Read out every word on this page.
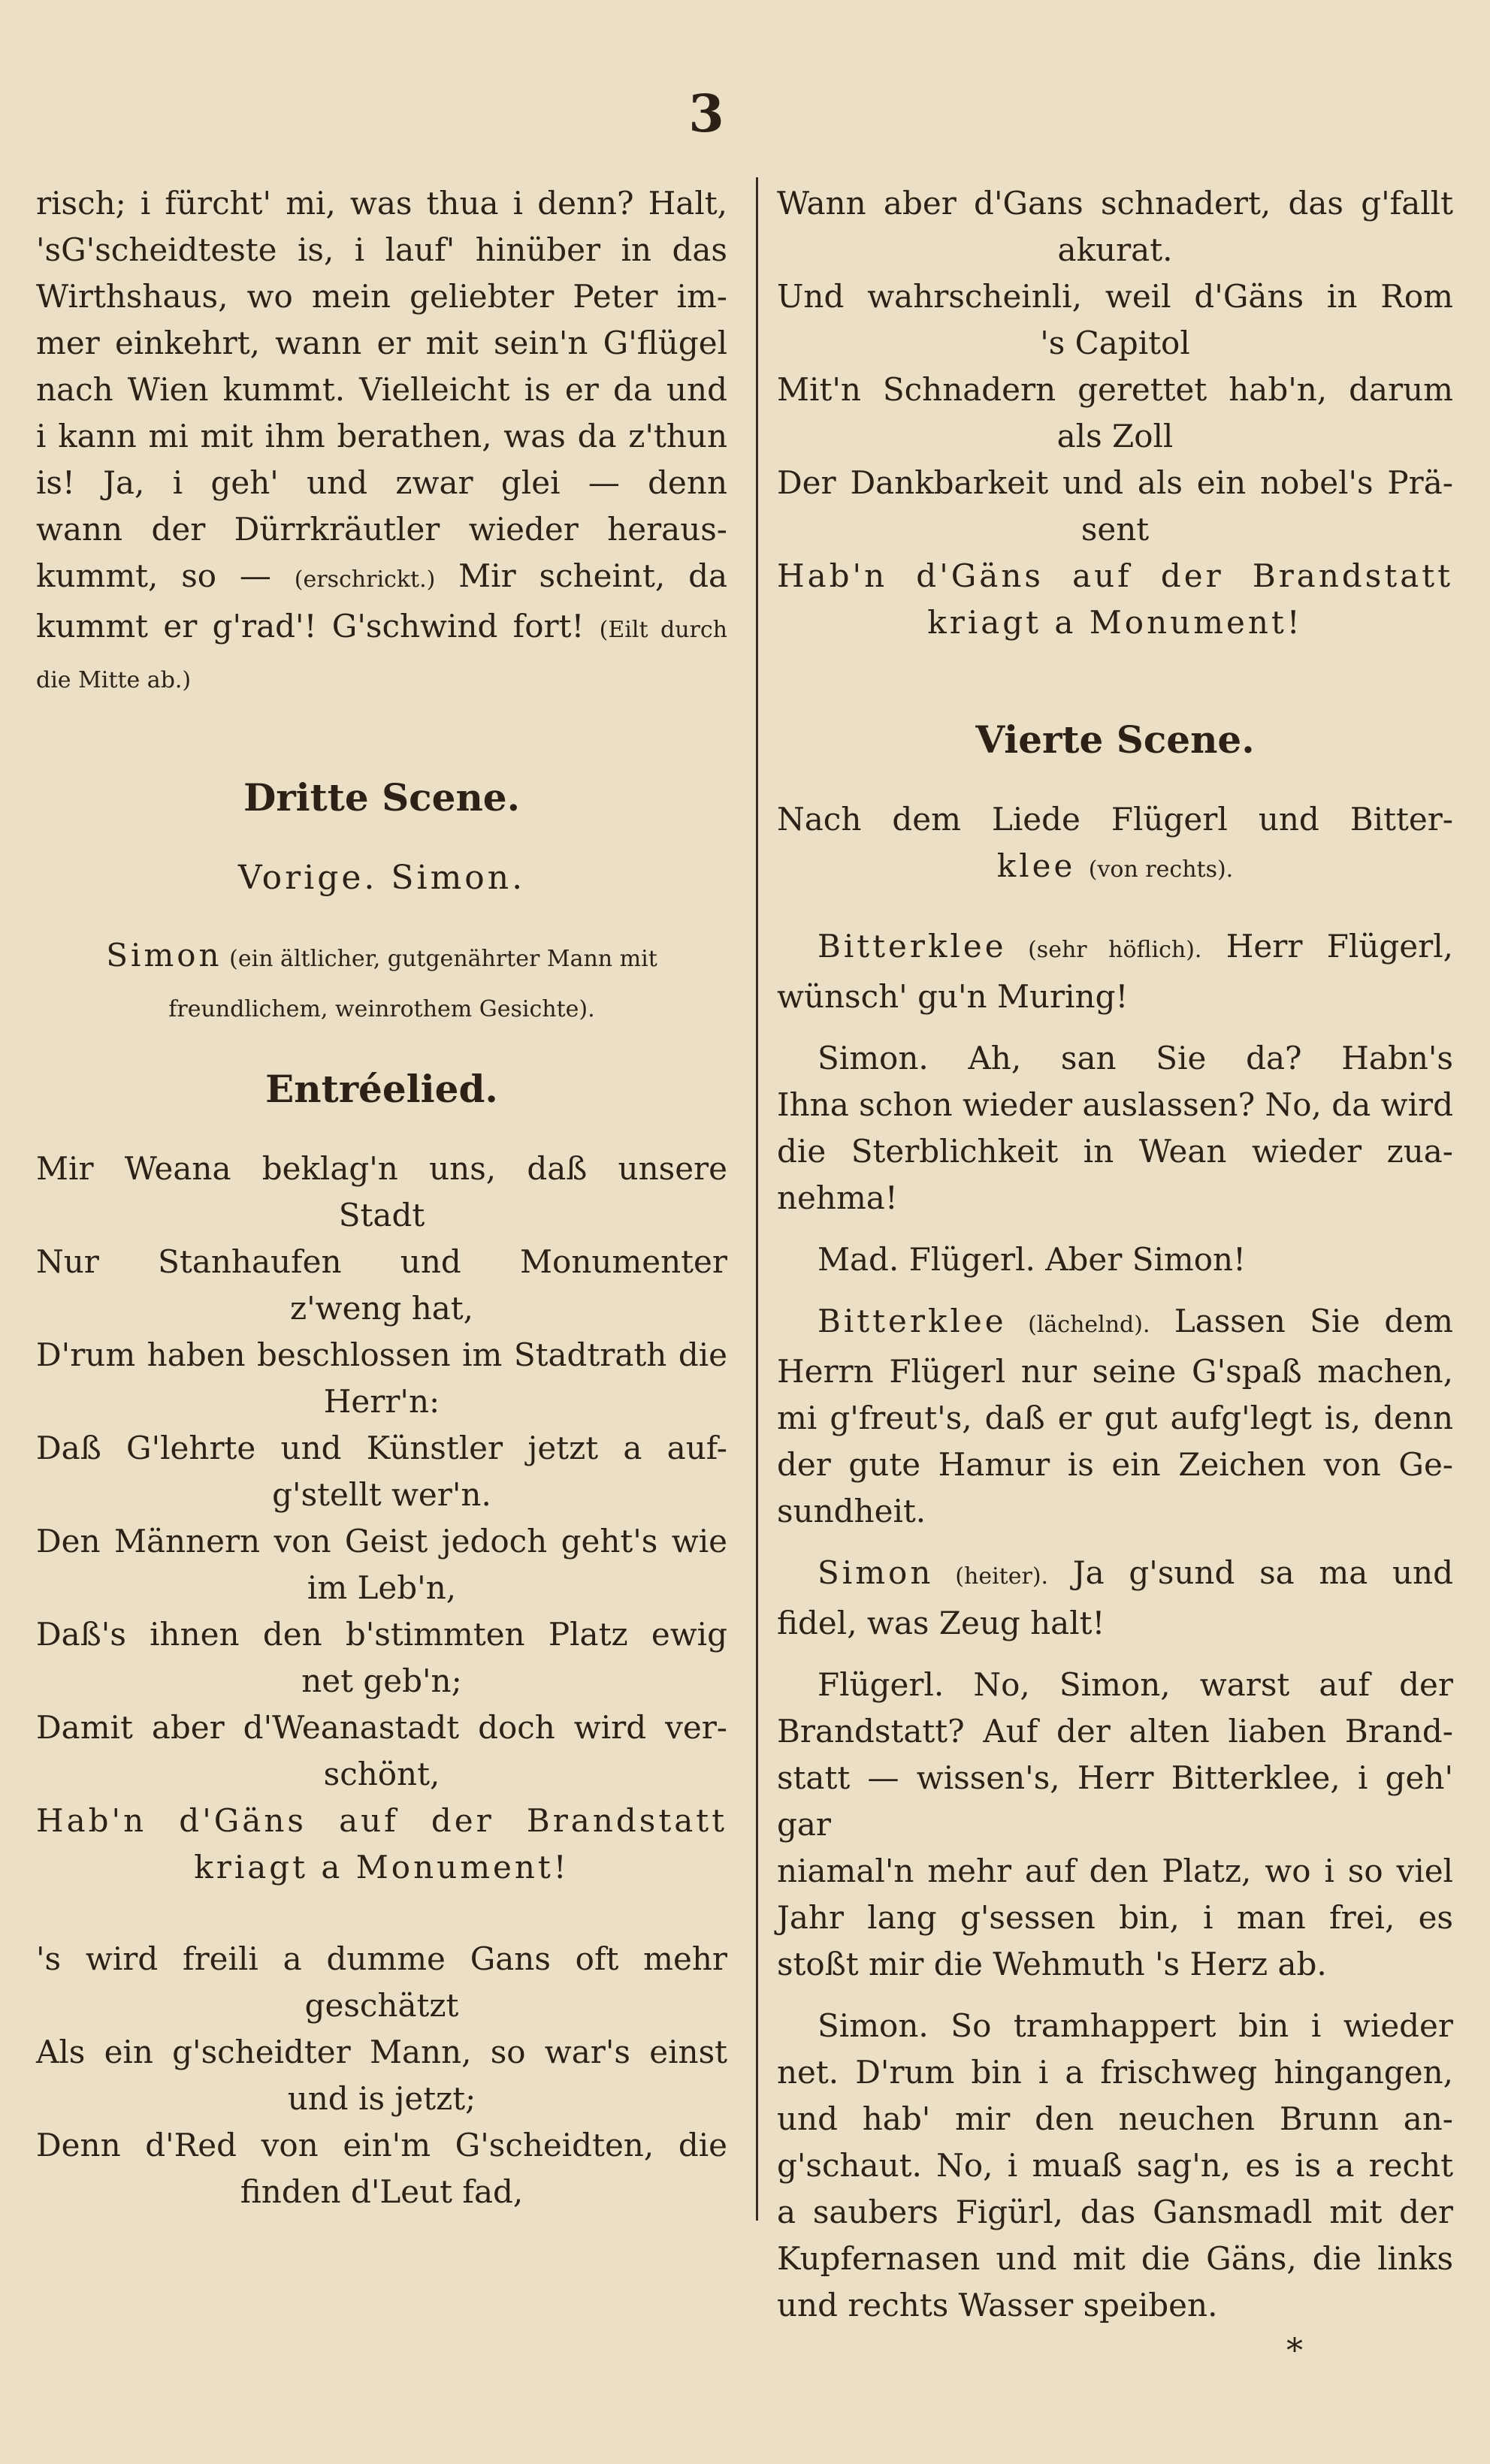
3

risch; i fürcht' mi, was thua i denn? Halt,

'sG'scheidteste is, i lauf' hinüber in das

Wirthshaus, wo mein geliebter Peter im-

mer einkehrt, wann er mit sein'n G'flügel

nach Wien kummt. Vielleicht is er da und

i kann mi mit ihm berathen, was da z'thun

is! Ja, i geh' und zwar glei — denn

wann der Dürrkräutler wieder heraus-

kummt, so — (erschrickt.) Mir scheint, da

kummt er g'rad'! G'schwind fort! (Eilt durch

die Mitte ab.)

Dritte Scene.

Vorige. Simon.

Simon (ein ältlicher, gutgenährter Mann mit

freundlichem, weinrothem Gesichte).

Entréelied.

Mir Weana beklag'n uns, daß unsere

Stadt

Nur Stanhaufen und Monumenter

z'weng hat,

D'rum haben beschlossen im Stadtrath die

Herr'n:

Daß G'lehrte und Künstler jetzt a auf-

g'stellt wer'n.

Den Männern von Geist jedoch geht's wie

im Leb'n,

Daß's ihnen den b'stimmten Platz ewig

net geb'n;

Damit aber d'Weanastadt doch wird ver-

schönt,

Hab'n d'Gäns auf der Brandstatt

kriagt a Monument!

's wird freili a dumme Gans oft mehr

geschätzt

Als ein g'scheidter Mann, so war's einst

und is jetzt;

Denn d'Red von ein'm G'scheidten, die

finden d'Leut fad,

Wann aber d'Gans schnadert, das g'fallt

akurat.

Und wahrscheinli, weil d'Gäns in Rom

's Capitol

Mit'n Schnadern gerettet hab'n, darum

als Zoll

Der Dankbarkeit und als ein nobel's Prä-

sent

Hab'n d'Gäns auf der Brandstatt

kriagt a Monument!

Vierte Scene.

Nach dem Liede Flügerl und Bitter-

klee (von rechts).

Bitterklee (sehr höflich). Herr Flügerl,

wünsch' gu'n Muring!

Simon. Ah, san Sie da? Habn's

Ihna schon wieder auslassen? No, da wird

die Sterblichkeit in Wean wieder zua-

nehma!

Mad. Flügerl. Aber Simon!

Bitterklee (lächelnd). Lassen Sie dem

Herrn Flügerl nur seine G'spaß machen,

mi g'freut's, daß er gut aufg'legt is, denn

der gute Hamur is ein Zeichen von Ge-

sundheit.

Simon (heiter). Ja g'sund sa ma und

fidel, was Zeug halt!

Flügerl. No, Simon, warst auf der

Brandstatt? Auf der alten liaben Brand-

statt — wissen's, Herr Bitterklee, i geh' gar

niamal'n mehr auf den Platz, wo i so viel

Jahr lang g'sessen bin, i man frei, es

stoßt mir die Wehmuth 's Herz ab.

Simon. So tramhappert bin i wieder

net. D'rum bin i a frischweg hingangen,

und hab' mir den neuchen Brunn an-

g'schaut. No, i muaß sag'n, es is a recht

a saubers Figürl, das Gansmadl mit der

Kupfernasen und mit die Gäns, die links

und rechts Wasser speiben.

*
